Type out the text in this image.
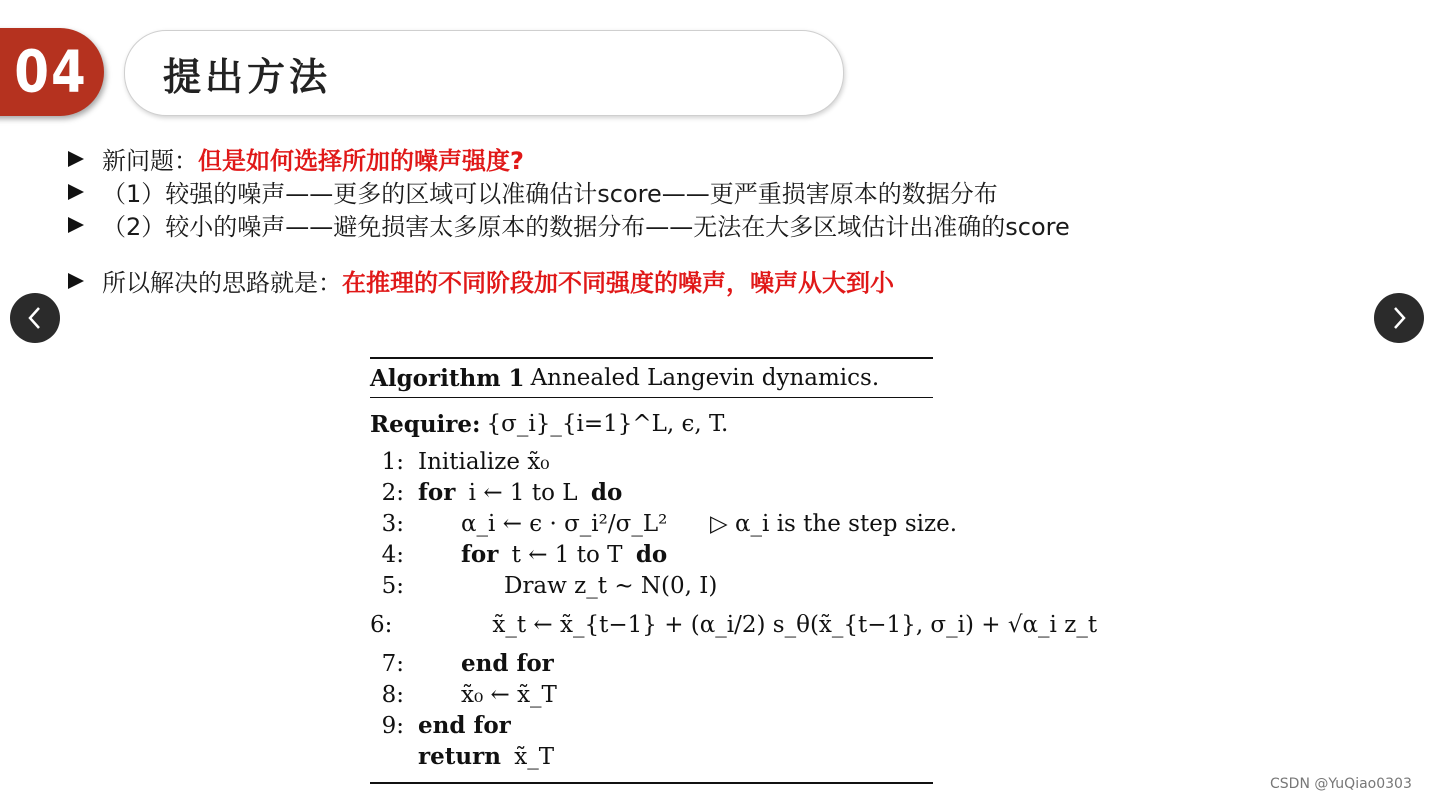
04 提出方法
新问题： 但是如何选择所加的噪声强度?
（1）较强的噪声——更多的区域可以准确估计score——更严重损害原本的数据分布
（2）较小的噪声——避免损害太多原本的数据分布——无法在大多区域估计出准确的score
所以解决的思路就是： 在推理的不同阶段加不同强度的噪声，噪声从大到小
Algorithm 1 Annealed Langevin dynamics.
Require: {σ_i}_{i=1}^L, ϵ, T.
1: Initialize x̃₀
2: for i ← 1 to L do
3:	α_i ← ϵ · σ_i²/σ_L² ▷ α_i is the step size.
4:	for t ← 1 to T do
5:	Draw z_t ∼ N(0, I)
6:	x̃_t ← x̃_{t−1} + (α_i/2) s_θ(x̃_{t−1}, σ_i) + √α_i z_t
7:	end for
8:	x̃₀ ← x̃_T
9: end for
return x̃_T
CSDN @YuQiao0303
